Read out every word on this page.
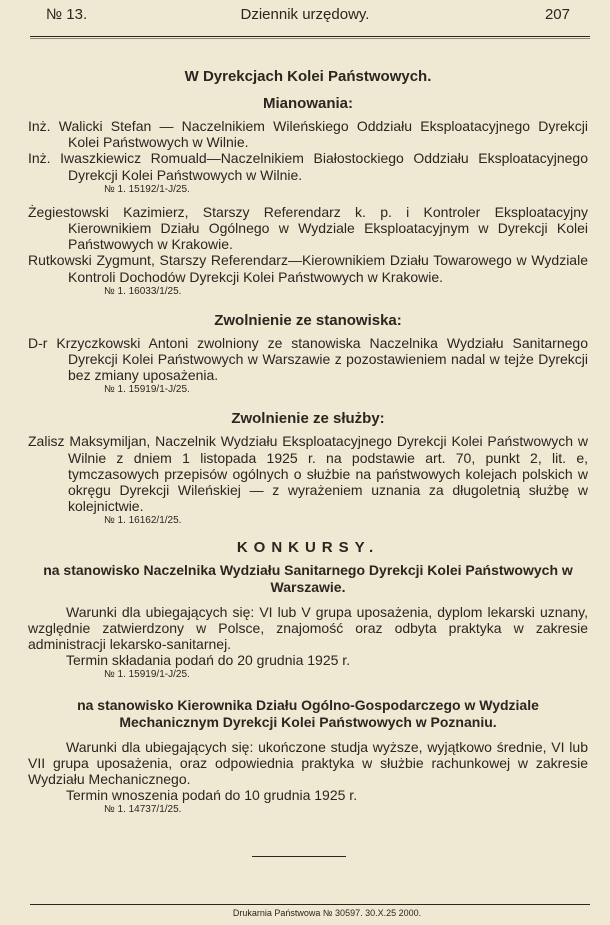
№ 13.	Dziennik urzędowy.	207
W Dyrekcjach Kolei Państwowych.
Mianowania:
Inż. Walicki Stefan — Naczelnikiem Wileńskiego Oddziału Eksploatacyjnego Dyrekcji Kolei Państwowych w Wilnie.
Inż. Iwaszkiewicz Romuald—Naczelnikiem Białostockiego Oddziału Eksploatacyjnego Dyrekcji Kolei Państwowych w Wilnie.
№ 1. 15192/1-J/25.
Żegiestowski Kazimierz, Starszy Referendarz k. p. i Kontroler Eksploatacyjny Kierownikiem Działu Ogólnego w Wydziale Eksploatacyjnym w Dyrekcji Kolei Państwowych w Krakowie.
Rutkowski Zygmunt, Starszy Referendarz—Kierownikiem Działu Towarowego w Wydziale Kontroli Dochodów Dyrekcji Kolei Państwowych w Krakowie.
№ 1. 16033/1/25.
Zwolnienie ze stanowiska:
D-r Krzyczkowski Antoni zwolniony ze stanowiska Naczelnika Wydziału Sanitarnego Dyrekcji Kolei Państwowych w Warszawie z pozostawieniem nadal w tejże Dyrekcji bez zmiany uposażenia.
№ 1. 15919/1-J/25.
Zwolnienie ze służby:
Zalisz Maksymiljan, Naczelnik Wydziału Eksploatacyjnego Dyrekcji Kolei Państwowych w Wilnie z dniem 1 listopada 1925 r. na podstawie art. 70, punkt 2, lit. e, tymczasowych przepisów ogólnych o służbie na państwowych kolejach polskich w okręgu Dyrekcji Wileńskiej — z wyrażeniem uznania za długoletnią służbę w kolejnictwie.
№ 1. 16162/1/25.
KONKURSY.
na stanowisko Naczelnika Wydziału Sanitarnego Dyrekcji Kolei Państwowych w Warszawie.
Warunki dla ubiegających się: VI lub V grupa uposażenia, dyplom lekarski uznany, względnie zatwierdzony w Polsce, znajomość oraz odbyta praktyka w zakresie administracji lekarsko-sanitarnej.
Termin składania podań do 20 grudnia 1925 r.
№ 1. 15919/1-J/25.
na stanowisko Kierownika Działu Ogólno-Gospodarczego w Wydziale Mechanicznym Dyrekcji Kolei Państwowych w Poznaniu.
Warunki dla ubiegających się: ukończone studja wyższe, wyjątkowo średnie, VI lub VII grupa uposażenia, oraz odpowiednia praktyka w służbie rachunkowej w zakresie Wydziału Mechanicznego.
Termin wnoszenia podań do 10 grudnia 1925 r.
№ 1. 14737/1/25.
Drukarnia Państwowa № 30597. 30.X.25 2000.
